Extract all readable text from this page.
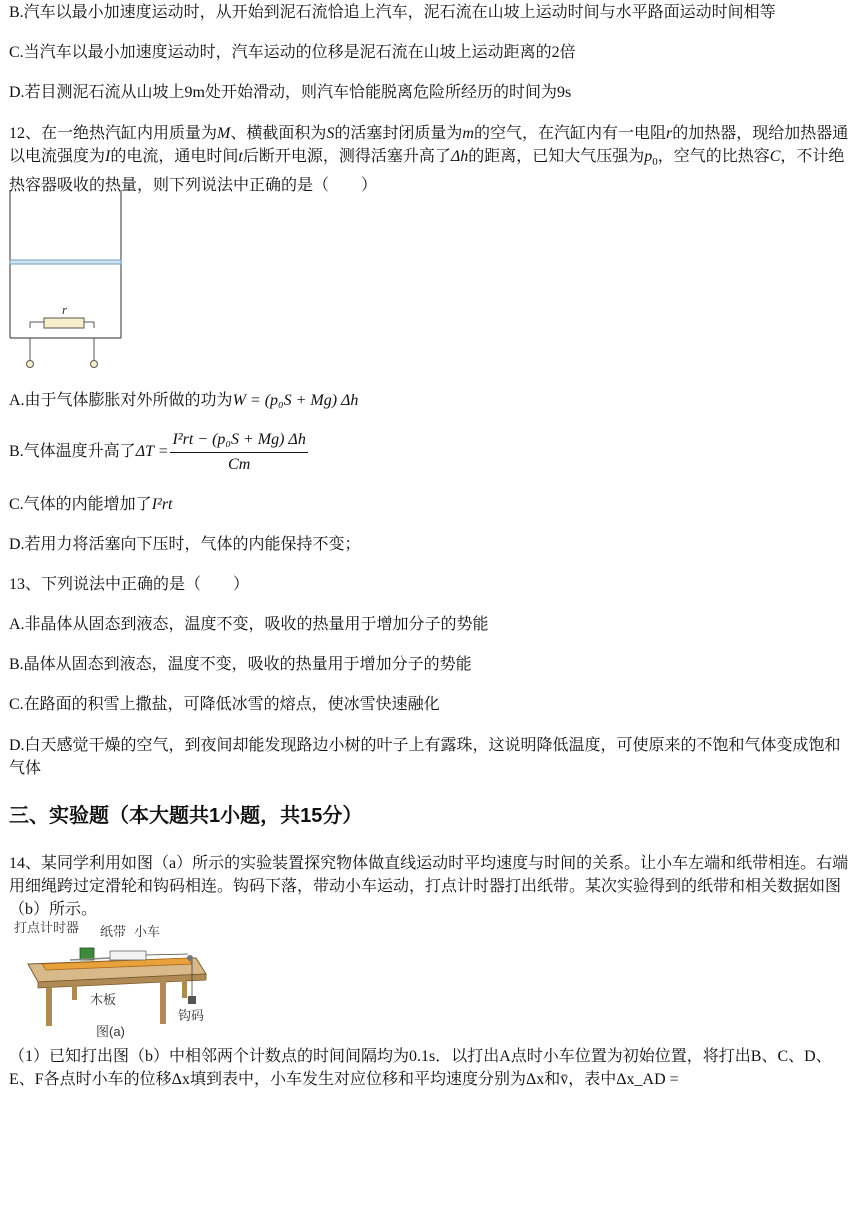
B.汽车以最小加速度运动时，从开始到泥石流恰追上汽车，泥石流在山坡上运动时间与水平路面运动时间相等
C.当汽车以最小加速度运动时，汽车运动的位移是泥石流在山坡上运动距离的2倍
D.若目测泥石流从山坡上9m处开始滑动，则汽车恰能脱离危险所经历的时间为9s
12、在一绝热汽缸内用质量为M、横截面积为S的活塞封闭质量为m的空气，在汽缸内有一电阻r的加热器，现给加热器通以电流强度为I的电流，通电时间t后断开电源，测得活塞升高了Δh的距离，已知大气压强为$p_0$，空气的比热容C，不计绝热容器吸收的热量，则下列说法中正确的是（　　）
r
A.由于气体膨胀对外所做的功为W = (p₀S + Mg) Δh
B.气体温度升高了$\Delta T = \frac{\text{I²rt − (p₀S + Mg) Δh}}{Cm}$
C.气体的内能增加了I²rt
D.若用力将活塞向下压时，气体的内能保持不变；
13、下列说法中正确的是（　　）
A.非晶体从固态到液态，温度不变，吸收的热量用于增加分子的势能
B.晶体从固态到液态，温度不变，吸收的热量用于增加分子的势能
C.在路面的积雪上撒盐，可降低冰雪的熔点，使冰雪快速融化
D.白天感觉干燥的空气，到夜间却能发现路边小树的叶子上有露珠，这说明降低温度，可使原来的不饱和气体变成饱和气体
三、实验题（本大题共1小题，共15分）
14、某同学利用如图（a）所示的实验装置探究物体做直线运动时平均速度与时间的关系。让小车左端和纸带相连。右端用细绳跨过定滑轮和钩码相连。钩码下落，带动小车运动，打点计时器打出纸带。某次实验得到的纸带和相关数据如图（b）所示。
打点计时器 纸带 小车
木板
钩码
图(a)
（1）已知打出图（b）中相邻两个计数点的时间间隔均为0.1s．以打出A点时小车位置为初始位置，将打出B、C、D、E、F各点时小车的位移Δx填到表中，小车发生对应位移和平均速度分别为Δx和v̄，表中Δx_AD =
